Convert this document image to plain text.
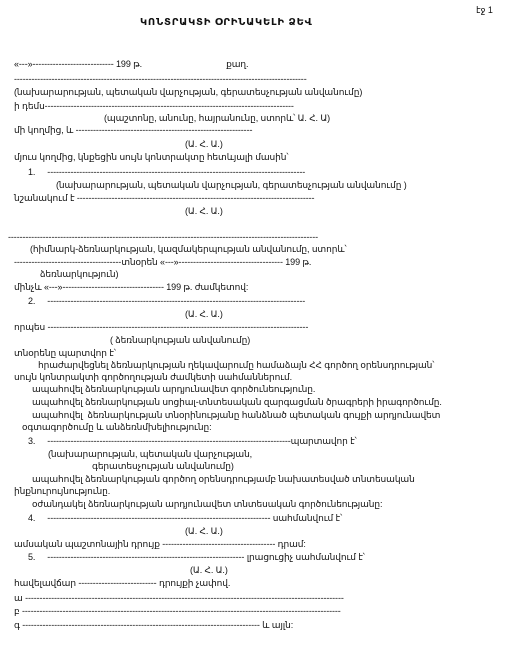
էջ 1
ԿՈՆՏՐԱԿՏԻ ՕՐԻՆԱԿԵԼԻ ՁԵՎ
«---»---------------------------- 199 թ.                                   քաղ.
-----------------------------------------------------------------------------------------------------
(նախարարության, պետական վարչության, գերատեսչության անվանումը)
ի դեմս--------------------------------------------------------------------------------------
(պաշտոնը, անունը, հայրանունը, ստորև՝ Ա. Հ. Ա)
մի կողմից, և -------------------------------------------------------------
(Ա. Հ. Ա.)
մյուս կողմից, կնքեցին սույն կոնտրակտը հետևյալի մասին՝
1.     -----------------------------------------------------------------------------------------
(նախարարության, պետական վարչության, գերատեսչության անվանումը )
նշանակում է ----------------------------------------------------------------------------------
(Ա. Հ. Ա.)
-----------------------------------------------------------------------------------------------------------
(հիմնարկ-ձեռնարկության, կազմակերպության անվանումը, ստորև՝
-------------------------------------տնօրեն «---»------------------------------------ 199 թ.
ձեռնարկություն)
մինչև «---»----------------------------------- 199 թ. ժամկետով:
2.     -----------------------------------------------------------------------------------------
(Ա. Հ. Ա.)
որպես ------------------------------------------------------------------------------------------
( ձեռնարկության անվանումը)
տնօրենը պարտվոր է՝
հրաժարվեցնել ձեռնարկության ղեկավարումը համաձայն ՀՀ գործող օրենսդրության՝
սույն կոնտրակտի գործողության ժամկետի սահմաններում.
ապահովել ձեռնարկության արդյունավետ գործունեությունը.
ապահովել ձեռնարկության սոցիալ-տնտեսական զարգացման ծրագրերի իրագործումը.
ապահովել  ձեռնարկության տնօրինությանը հանձնած պետական գույքի արդյունավետ
օգտագործումը և անձեռնմխելիությունը:
3.     ------------------------------------------------------------------------------------պարտավոր է՝
(նախարարության, պետական վարչության,
գերատեսչության անվանումը)
ապահովել ձեռնարկության գործող օրենսդրությամբ նախատեսված տնտեսական
ինքնուրույնությունը.
օժանդակել ձեռնարկության արդյունավետ տնտեսական գործունեությանը:
4.     ----------------------------------------------------------------------------- սահմանվում է՝
(Ա. Հ. Ա.)
ամսական պաշտոնային դրույք --------------------------------------- դրամ:
5.     -------------------------------------------------------------------- լրացուցիչ սահմանվում է՝
(Ա. Հ. Ա.)
հավելավճար --------------------------- դրույքի չափով.
ա --------------------------------------------------------------------------------------------------------------
բ --------------------------------------------------------------------------------------------------------------
գ ---------------------------------------------------------------------------------- և այլն:
